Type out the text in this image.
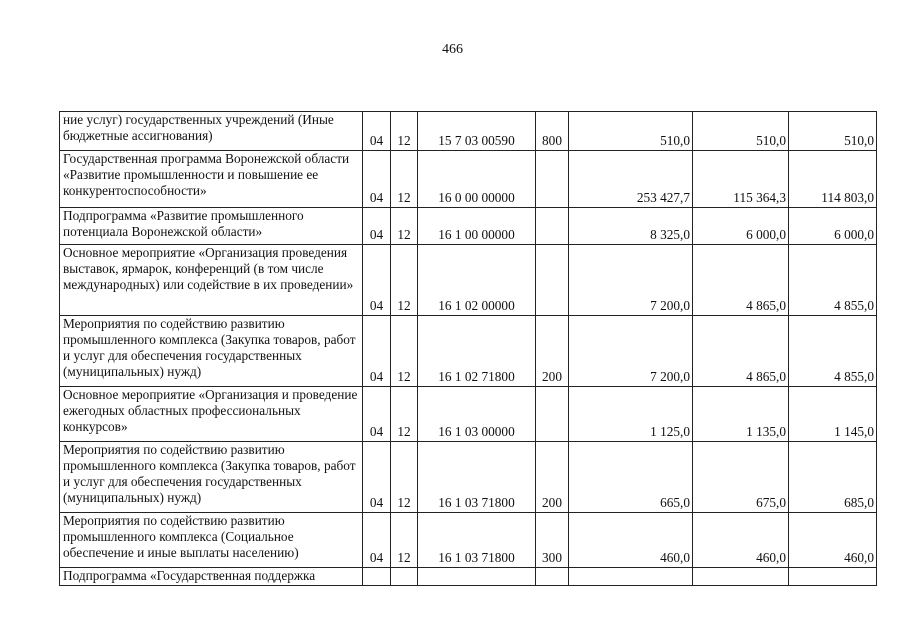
466
ние услуг) государственных учреждений (Иные бюджетные ассигнования)	04	12	15 7 03 00590	800	510,0	510,0	510,0
Государственная программа Воронежской области «Развитие промышленности и повышение ее конкурентоспособности»	04	12	16 0 00 00000		253 427,7	115 364,3	114 803,0
Подпрограмма «Развитие промышленного потенциала Воронежской области»	04	12	16 1 00 00000		8 325,0	6 000,0	6 000,0
Основное мероприятие «Организация проведения выставок, ярмарок, конференций (в том числе международных) или содействие в их проведении»	04	12	16 1 02 00000		7 200,0	4 865,0	4 855,0
Мероприятия по содействию развитию промышленного комплекса (Закупка товаров, работ и услуг для обеспечения государственных (муниципальных) нужд)	04	12	16 1 02 71800	200	7 200,0	4 865,0	4 855,0
Основное мероприятие «Организация и проведение ежегодных областных профессиональных конкурсов»	04	12	16 1 03 00000		1 125,0	1 135,0	1 145,0
Мероприятия по содействию развитию промышленного комплекса (Закупка товаров, работ и услуг для обеспечения государственных (муниципальных) нужд)	04	12	16 1 03 71800	200	665,0	675,0	685,0
Мероприятия по содействию развитию промышленного комплекса (Социальное обеспечение и иные выплаты населению)	04	12	16 1 03 71800	300	460,0	460,0	460,0
Подпрограмма «Государственная поддержка							
